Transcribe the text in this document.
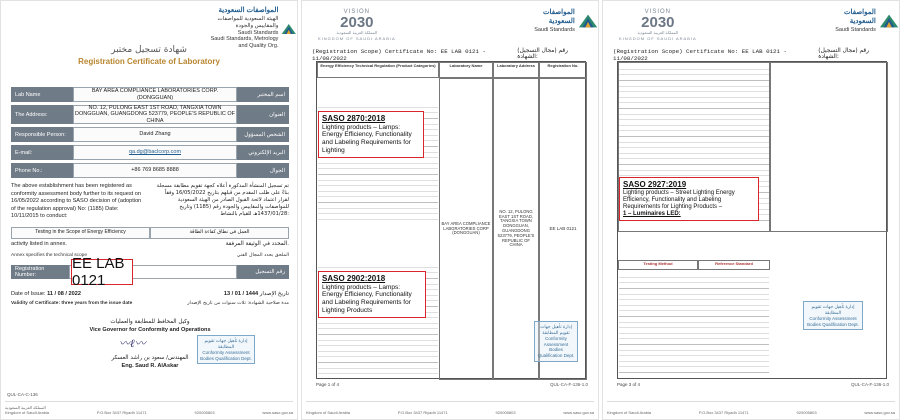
المواصفات السعودية
الهيئة السعودية للمواصفات والمقاييس والجودة
Saudi Standards
Saudi Standards, Metrology and Quality Org.
شهادة تسجيل مختبر
Registration Certificate of Laboratory
Lab Name
BAY AREA COMPLIANCE LABORATORIES CORP.(DONGGUAN)	اسم المختبر
The Address:
NO. 12, PULONG EAST 1ST ROAD, TANGXIA TOWN DONGGUAN, GUANGDONG 523779, PEOPLE'S REPUBLIC OF CHINA
العنوان
Responsible Person:	David Zhang	الشخص المسؤول
E-mail:	qa.dg@baclcorp.com	البريد الإلكتروني
Phone No.:	+86 769 8685 8888	الجوال
The above establishment has been registered as conformity assessment body further to its request on 16/05/2022 according to SASO decision of (adoption of the regulation approval) No: (1185) Date: 10/11/2015 to conduct:
تم تسجيل المنشأة المذكورة أعلاه كجهة تقويم مطابقة مسجلة بناءً على طلب المقدم من قبلهم بتاريخ 16/05/2022 وفقاً لقرار اعتماد لائحة القبول الصادر من الهيئة السعودية للمواصفات والمقاييس والجودة رقم (1185) وتاريخ 1437/01/28هـ للقيام بالنشاط:
Testing in the Scope of Energy Efficiency	العمل في نطاق كفاءة الطاقة
activity listed in annex.	المحدد في الوثيقة المرفقة.
Annex specifies the technical scope	الملحق يحدد المجال الفني
Registration Number:	رقم التسجيل
EE LAB 0121
Date of Issue: 11 / 08 / 2022	13 / 01 / 1444 تاريخ الإصدار
Validity of Certificate: three years from the issue date	مدة صلاحية الشهادة: ثلاث سنوات من تاريخ الإصدار
وكيل المحافظ للمطابقة والعمليات
Vice Governor for Conformity and Operations
〰ℓ〰
المهندس/ سعود بن راشد العسكر
Eng. Saud R. AlAskar
إدارة تأهيل جهات تقويم المطابقة
Conformity Assessment Bodies Qualification Dept.
QUL-CA-C-136
المملكة العربية السعودية
Kingdom of Saudi Arabia	P.O.Box 3437 Riyadh 11471	920005803	www.saso.gov.sa
VISION
2030
المملكة العربية السعودية
KINGDOM OF SAUDI ARABIA
المواصفات السعودية
Saudi Standards
(Registration Scope) Certificate No: EE LAB 0121 - 11/08/2022
(مجال التسجيل) رقم الشهادة:
Energy Efficiency Technical Regulation (Product Categories)	Laboratory Name	Laboratory Address	Registration No.
BAY AREA COMPLIANCE LABORATORIES CORP (DONGGUAN)
NO. 12, PULONG EAST 1ST ROAD, TANGXIA TOWN DONGGUAN, GUANGDONG 523779, PEOPLE'S REPUBLIC OF CHINA
EE LAB 0121
SASO 2870:2018
Lighting products – Lamps: Energy Efficiency, Functionality and Labeling Requirements for Lighting
SASO 2902:2018
Lighting products – Lamps: Energy Efficiency, Functionality and Labeling Requirements for Lighting Products
إدارة تأهيل جهات تقويم المطابقة
Conformity Assessment Bodies Qualification Dept.
Page 1 of 4	QUL-CA-F-136-1.0
Kingdom of Saudi Arabia	P.O.Box 3437 Riyadh 11471	920005803	www.saso.gov.sa
VISION
2030
المملكة العربية السعودية
KINGDOM OF SAUDI ARABIA
المواصفات السعودية
Saudi Standards
(Registration Scope) Certificate No: EE LAB 0121 - 11/08/2022
(مجال التسجيل) رقم الشهادة:
Testing Method	Reference Standard
SASO 2927:2019
Lighting products – Street Lighting Energy Efficiency, Functionality and Labeling Requirements for Lighting Products –
1 – Luminaires LED:
إدارة تأهيل جهات تقويم المطابقة
Conformity Assessment Bodies Qualification Dept.
Page 3 of 4	QUL-CA-F-136-1.0
Kingdom of Saudi Arabia	P.O.Box 3437 Riyadh 11471	920005803	www.saso.gov.sa
